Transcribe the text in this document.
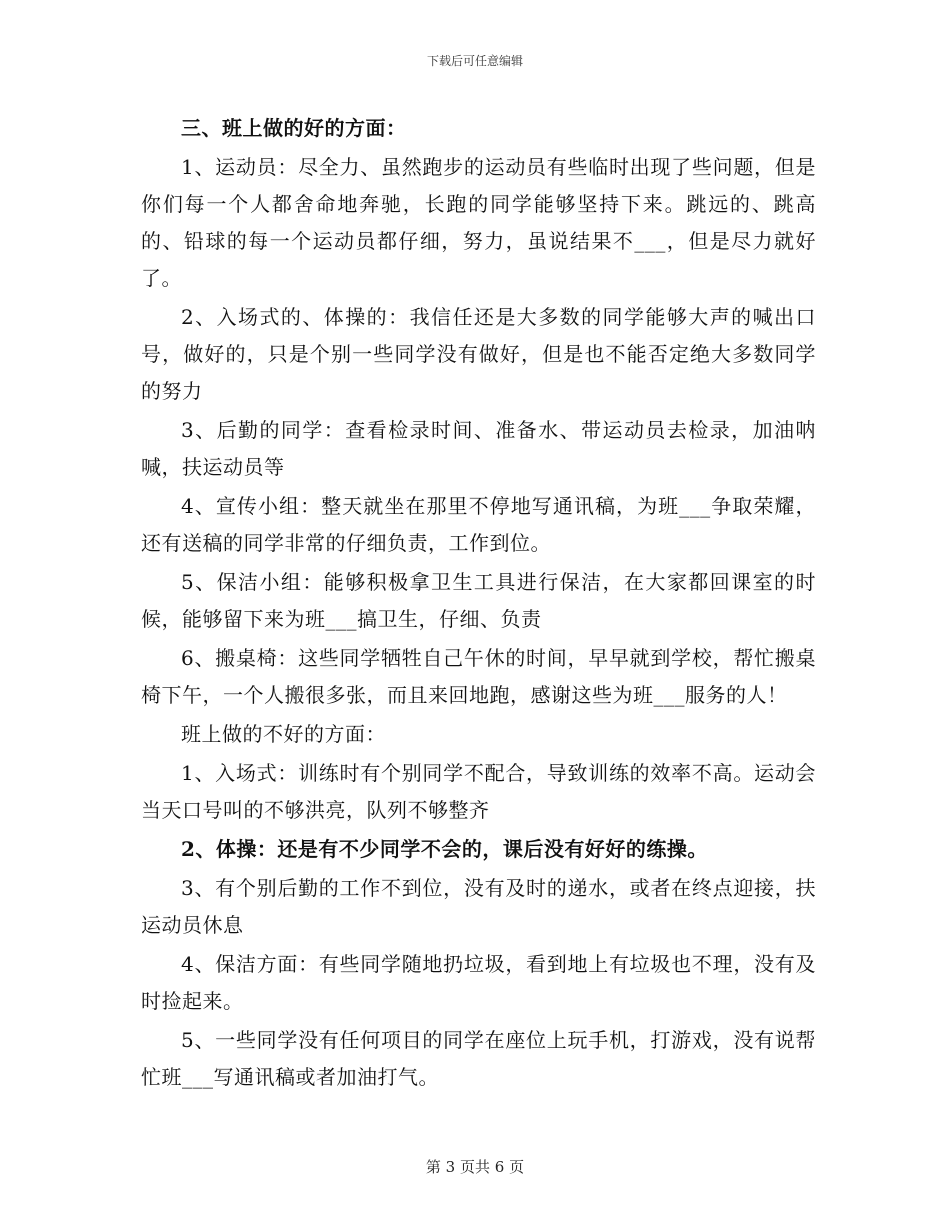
下载后可任意编辑

三、班上做的好的方面：

1、运动员：尽全力、虽然跑步的运动员有些临时出现了些问题，但是你们每一个人都舍命地奔驰，长跑的同学能够坚持下来。跳远的、跳高的、铅球的每一个运动员都仔细，努力，虽说结果不___，但是尽力就好了。

2、入场式的、体操的：我信任还是大多数的同学能够大声的喊出口号，做好的，只是个别一些同学没有做好，但是也不能否定绝大多数同学的努力

3、后勤的同学：查看检录时间、准备水、带运动员去检录，加油呐喊，扶运动员等

4、宣传小组：整天就坐在那里不停地写通讯稿，为班___争取荣耀，还有送稿的同学非常的仔细负责，工作到位。

5、保洁小组：能够积极拿卫生工具进行保洁，在大家都回课室的时候，能够留下来为班___搞卫生，仔细、负责

6、搬桌椅：这些同学牺牲自己午休的时间，早早就到学校，帮忙搬桌椅下午，一个人搬很多张，而且来回地跑，感谢这些为班___服务的人！

班上做的不好的方面：

1、入场式：训练时有个别同学不配合，导致训练的效率不高。运动会当天口号叫的不够洪亮，队列不够整齐

2、体操：还是有不少同学不会的，课后没有好好的练操。

3、有个别后勤的工作不到位，没有及时的递水，或者在终点迎接，扶运动员休息

4、保洁方面：有些同学随地扔垃圾，看到地上有垃圾也不理，没有及时捡起来。

5、一些同学没有任何项目的同学在座位上玩手机，打游戏，没有说帮忙班___写通讯稿或者加油打气。

第 3 页共 6 页
